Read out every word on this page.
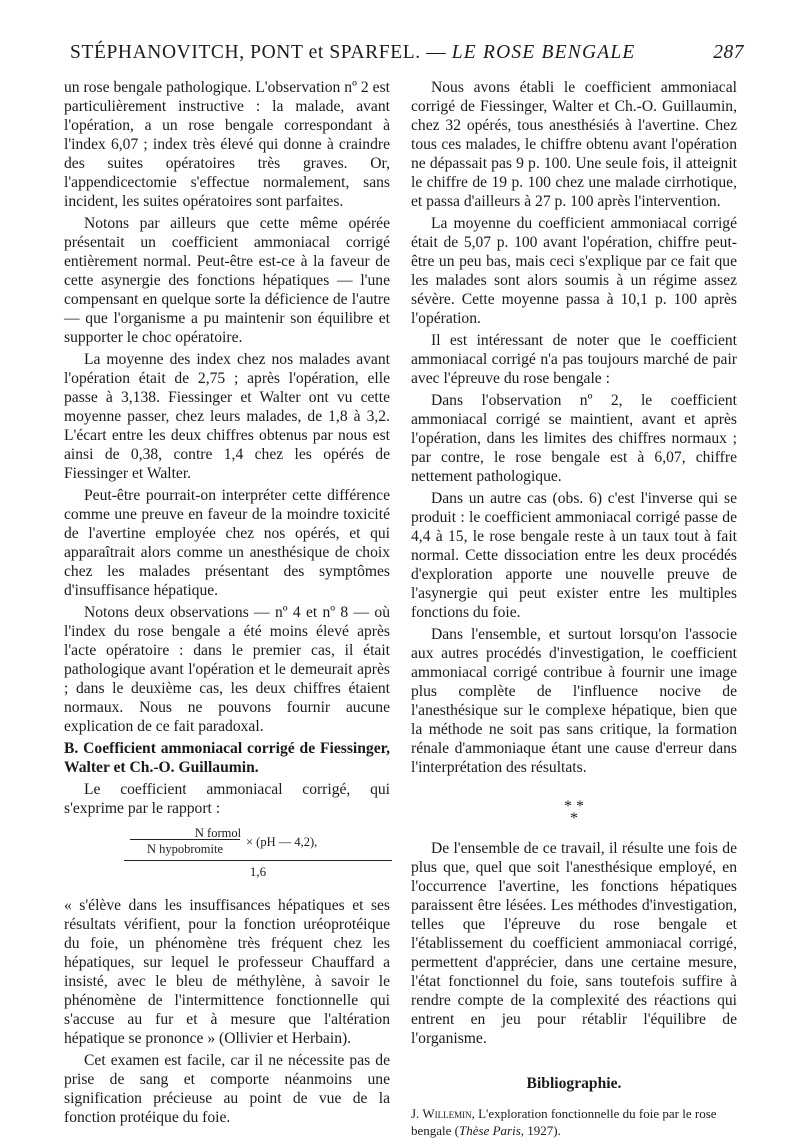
STÉPHANOVITCH, PONT et SPARFEL. — LE ROSE BENGALE	287

un rose bengale pathologique. L'observation nº 2 est particulièrement instructive : la malade, avant l'opération, a un rose bengale correspondant à l'index 6,07 ; index très élevé qui donne à craindre des suites opératoires très graves. Or, l'appendicectomie s'effectue normalement, sans incident, les suites opératoires sont parfaites.

Notons par ailleurs que cette même opérée présentait un coefficient ammoniacal corrigé entièrement normal. Peut-être est-ce à la faveur de cette asynergie des fonctions hépatiques — l'une compensant en quelque sorte la déficience de l'autre — que l'organisme a pu maintenir son équilibre et supporter le choc opératoire.

La moyenne des index chez nos malades avant l'opération était de 2,75 ; après l'opération, elle passe à 3,138. Fiessinger et Walter ont vu cette moyenne passer, chez leurs malades, de 1,8 à 3,2. L'écart entre les deux chiffres obtenus par nous est ainsi de 0,38, contre 1,4 chez les opérés de Fiessinger et Walter.

Peut-être pourrait-on interpréter cette différence comme une preuve en faveur de la moindre toxicité de l'avertine employée chez nos opérés, et qui apparaîtrait alors comme un anesthésique de choix chez les malades présentant des symptômes d'insuffisance hépatique.

Notons deux observations — nº 4 et nº 8 — où l'index du rose bengale a été moins élevé après l'acte opératoire : dans le premier cas, il était pathologique avant l'opération et le demeurait après ; dans le deuxième cas, les deux chiffres étaient normaux. Nous ne pouvons fournir aucune explication de ce fait paradoxal.

B. Coefficient ammoniacal corrigé de Fiessinger, Walter et Ch.-O. Guillaumin.

Le coefficient ammoniacal corrigé, qui s'exprime par le rapport :

N formol
N hypobromite	× (pH — 4,2),
1,6

« s'élève dans les insuffisances hépatiques et ses résultats vérifient, pour la fonction uréoprotéique du foie, un phénomène très fréquent chez les hépatiques, sur lequel le professeur Chauffard a insisté, avec le bleu de méthylène, à savoir le phénomène de l'intermittence fonctionnelle qui s'accuse au fur et à mesure que l'altération hépatique se prononce » (Ollivier et Herbain).

Cet examen est facile, car il ne nécessite pas de prise de sang et comporte néanmoins une signification précieuse au point de vue de la fonction protéique du foie.

Nous avons établi le coefficient ammoniacal corrigé de Fiessinger, Walter et Ch.-O. Guillaumin, chez 32 opérés, tous anesthésiés à l'avertine. Chez tous ces malades, le chiffre obtenu avant l'opération ne dépassait pas 9 p. 100. Une seule fois, il atteignit le chiffre de 19 p. 100 chez une malade cirrhotique, et passa d'ailleurs à 27 p. 100 après l'intervention.

La moyenne du coefficient ammoniacal corrigé était de 5,07 p. 100 avant l'opération, chiffre peut-être un peu bas, mais ceci s'explique par ce fait que les malades sont alors soumis à un régime assez sévère. Cette moyenne passa à 10,1 p. 100 après l'opération.

Il est intéressant de noter que le coefficient ammoniacal corrigé n'a pas toujours marché de pair avec l'épreuve du rose bengale :

Dans l'observation nº 2, le coefficient ammoniacal corrigé se maintient, avant et après l'opération, dans les limites des chiffres normaux ; par contre, le rose bengale est à 6,07, chiffre nettement pathologique.

Dans un autre cas (obs. 6) c'est l'inverse qui se produit : le coefficient ammoniacal corrigé passe de 4,4 à 15, le rose bengale reste à un taux tout à fait normal. Cette dissociation entre les deux procédés d'exploration apporte une nouvelle preuve de l'asynergie qui peut exister entre les multiples fonctions du foie.

Dans l'ensemble, et surtout lorsqu'on l'associe aux autres procédés d'investigation, le coefficient ammoniacal corrigé contribue à fournir une image plus complète de l'influence nocive de l'anesthésique sur le complexe hépatique, bien que la méthode ne soit pas sans critique, la formation rénale d'ammoniaque étant une cause d'erreur dans l'interprétation des résultats.

* *
*

De l'ensemble de ce travail, il résulte une fois de plus que, quel que soit l'anesthésique employé, en l'occurrence l'avertine, les fonctions hépatiques paraissent être lésées. Les méthodes d'investigation, telles que l'épreuve du rose bengale et l'établissement du coefficient ammoniacal corrigé, permettent d'apprécier, dans une certaine mesure, l'état fonctionnel du foie, sans toutefois suffire à rendre compte de la complexité des réactions qui entrent en jeu pour rétablir l'équilibre de l'organisme.

Bibliographie.

J. Willemin, L'exploration fonctionnelle du foie par le rose bengale (Thèse Paris, 1927).
